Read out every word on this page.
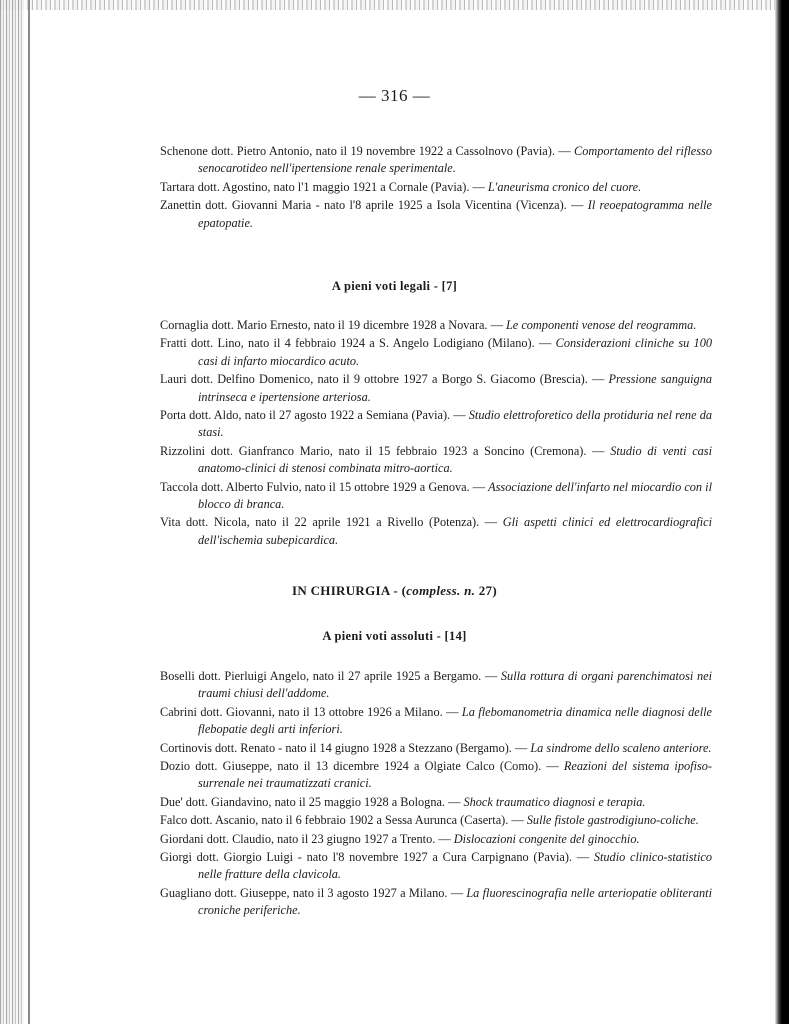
— 316 —

Schenone dott. Pietro Antonio, nato il 19 novembre 1922 a Cassolnovo (Pavia). — Comportamento del riflesso senocarotideo nell'ipertensione renale sperimentale.

Tartara dott. Agostino, nato l'1 maggio 1921 a Cornale (Pavia). — L'aneurisma cronico del cuore.

Zanettin dott. Giovanni Maria - nato l'8 aprile 1925 a Isola Vicentina (Vicenza). — Il reoepatogramma nelle epatopatie.

A pieni voti legali - [7]

Cornaglia dott. Mario Ernesto, nato il 19 dicembre 1928 a Novara. — Le componenti venose del reogramma.

Fratti dott. Lino, nato il 4 febbraio 1924 a S. Angelo Lodigiano (Milano). — Considerazioni cliniche su 100 casi di infarto miocardico acuto.

Lauri dott. Delfino Domenico, nato il 9 ottobre 1927 a Borgo S. Giacomo (Brescia). — Pressione sanguigna intrinseca e ipertensione arteriosa.

Porta dott. Aldo, nato il 27 agosto 1922 a Semiana (Pavia). — Studio elettroforetico della protiduria nel rene da stasi.

Rizzolini dott. Gianfranco Mario, nato il 15 febbraio 1923 a Soncino (Cremona). — Studio di venti casi anatomo-clinici di stenosi combinata mitro-aortica.

Taccola dott. Alberto Fulvio, nato il 15 ottobre 1929 a Genova. — Associazione dell'infarto nel miocardio con il blocco di branca.

Vita dott. Nicola, nato il 22 aprile 1921 a Rivello (Potenza). — Gli aspetti clinici ed elettrocardiografici dell'ischemia subepicardica.

IN CHIRURGIA - (compless. n. 27)
A pieni voti assoluti - [14]

Boselli dott. Pierluigi Angelo, nato il 27 aprile 1925 a Bergamo. — Sulla rottura di organi parenchimatosi nei traumi chiusi dell'addome.

Cabrini dott. Giovanni, nato il 13 ottobre 1926 a Milano. — La flebomanometria dinamica nelle diagnosi delle flebopatie degli arti inferiori.

Cortinovis dott. Renato - nato il 14 giugno 1928 a Stezzano (Bergamo). — La sindrome dello scaleno anteriore.

Dozio dott. Giuseppe, nato il 13 dicembre 1924 a Olgiate Calco (Como). — Reazioni del sistema ipofiso-surrenale nei traumatizzati cranici.

Due' dott. Giandavino, nato il 25 maggio 1928 a Bologna. — Shock traumatico diagnosi e terapia.

Falco dott. Ascanio, nato il 6 febbraio 1902 a Sessa Aurunca (Caserta). — Sulle fistole gastrodigiuno-coliche.

Giordani dott. Claudio, nato il 23 giugno 1927 a Trento. — Dislocazioni congenite del ginocchio.

Giorgi dott. Giorgio Luigi - nato l'8 novembre 1927 a Cura Carpignano (Pavia). — Studio clinico-statistico nelle fratture della clavicola.

Guagliano dott. Giuseppe, nato il 3 agosto 1927 a Milano. — La fluorescinografia nelle arteriopatie obliteranti croniche periferiche.
